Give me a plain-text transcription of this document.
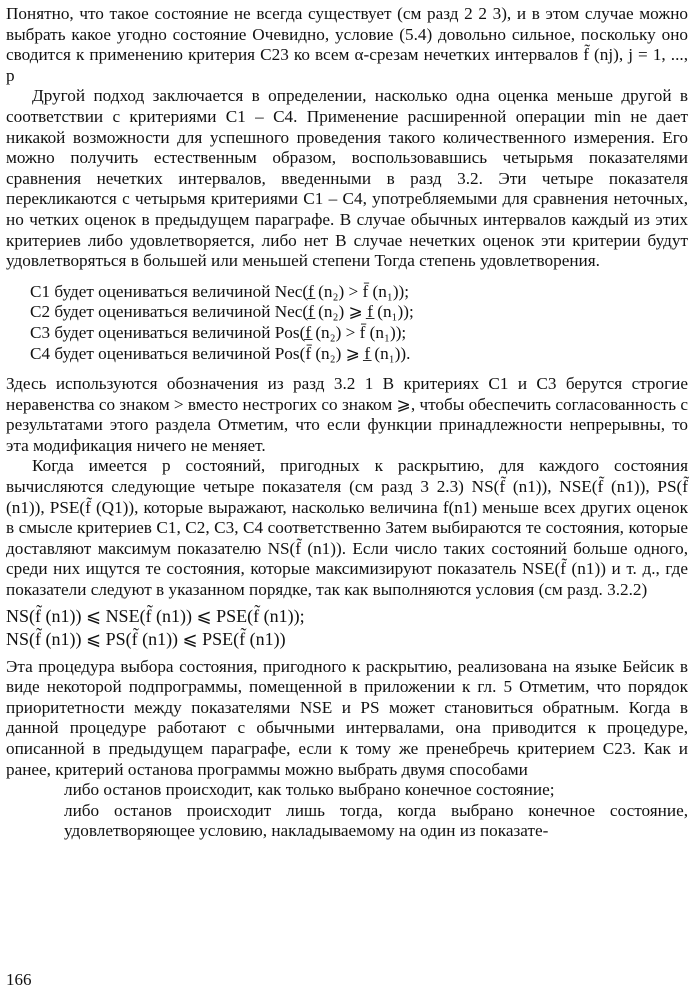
Понятно, что такое состояние не всегда существует (см разд 2 2 3), и в этом случае можно выбрать какое угодно состояние Очевидно, условие (5.4) довольно сильное, поскольку оно сводится к применению критерия С23 ко всем α-срезам нечетких интервалов f̃ (nj), j = 1, ..., p

Другой подход заключается в определении, насколько одна оценка меньше другой в соответствии с критериями С1 – С4. Применение расширенной операции min не дает никакой возможности для успешного проведения такого количественного измерения. Его можно получить естественным образом, воспользовавшись четырьмя показателями сравнения нечетких интервалов, введенными в разд 3.2. Эти четыре показателя перекликаются с четырьмя критериями С1 – С4, употребляемыми для сравнения неточных, но четких оценок в предыдущем параграфе. В случае обычных интервалов каждый из этих критериев либо удовлетворяется, либо нет В случае нечетких оценок эти критерии будут удовлетворяться в большей или меньшей степени Тогда степень удовлетворения.

С1 будет оцениваться величиной Nec(f̲ (n₂) > f̄ (n₁));
С2 будет оцениваться величиной Nec(f̲ (n₂) ⩾ f̲ (n₁));
С3 будет оцениваться величиной Pos(f̲ (n₂) > f̄ (n₁));
С4 будет оцениваться величиной Pos(f̄ (n₂) ⩾ f̲ (n₁)).

Здесь используются обозначения из разд 3.2 1 В критериях С1 и С3 берутся строгие неравенства со знаком > вместо нестрогих со знаком ⩾, чтобы обеспечить согласованность с результатами этого раздела Отметим, что если функции принадлежности непрерывны, то эта модификация ничего не меняет.

Когда имеется p состояний, пригодных к раскрытию, для каждого состояния вычисляются следующие четыре показателя (см разд 3 2.3) NS(f̃ (n1)), NSE(f̃ (n1)), PS(f̃ (n1)), PSE(f̃ (Q1)), которые выражают, насколько величина f(n1) меньше всех других оценок в смысле критериев С1, С2, С3, С4 соответственно Затем выбираются те состояния, которые доставляют максимум показателю NS(f̃ (n1)). Если число таких состояний больше одного, среди них ищутся те состояния, которые максимизируют показатель NSE(f̃ (n1)) и т. д., где показатели следуют в указанном порядке, так как выполняются условия (см разд. 3.2.2)

NS(f̃ (n1)) ⩽ NSE(f̃ (n1)) ⩽ PSE(f̃ (n1));
NS(f̃ (n1)) ⩽ PS(f̃ (n1)) ⩽ PSE(f̃ (n1))

Эта процедура выбора состояния, пригодного к раскрытию, реализована на языке Бейсик в виде некоторой подпрограммы, помещенной в приложении к гл. 5 Отметим, что порядок приоритетности между показателями NSE и PS может становиться обратным. Когда в данной процедуре работают с обычными интервалами, она приводится к процедуре, описанной в предыдущем параграфе, если к тому же пренебречь критерием С23. Как и ранее, критерий останова программы можно выбрать двумя способами

либо останов происходит, как только выбрано конечное состояние;
либо останов происходит лишь тогда, когда выбрано конечное состояние, удовлетворяющее условию, накладываемому на один из показате-
166
